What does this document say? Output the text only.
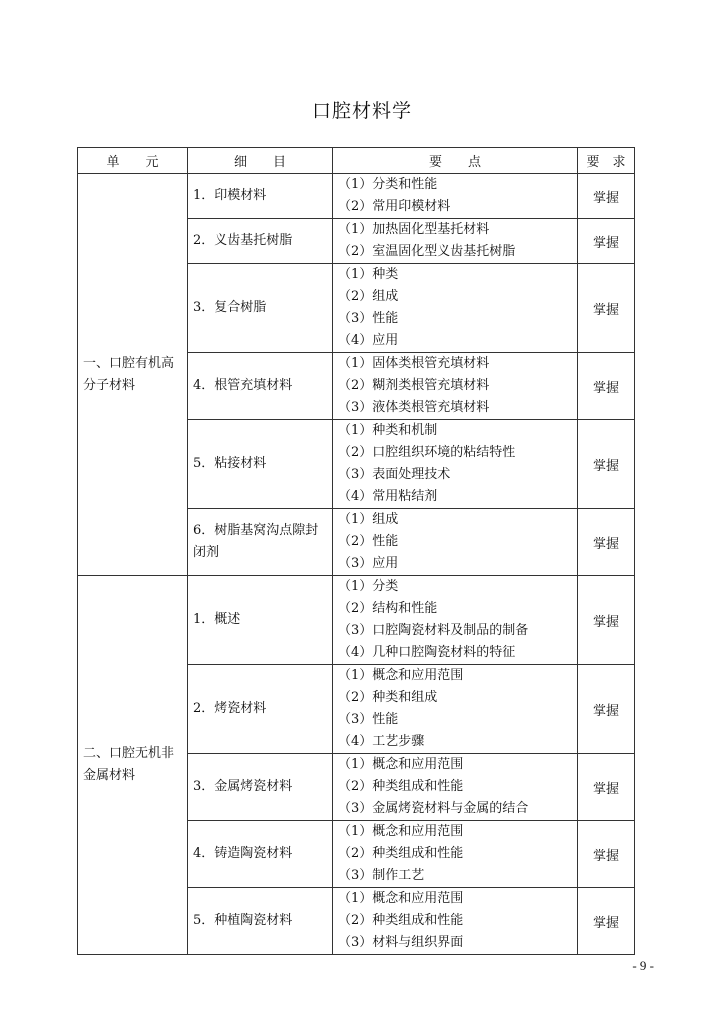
口腔材料学
单　　元	细　　目	要　　点	要　求

一、口腔有机高分子材料	1．印模材料	（1）分类和性能
（2）常用印模材料	掌握
	2．义齿基托树脂	（1）加热固化型基托材料
（2）室温固化型义齿基托树脂	掌握
	3．复合树脂	（1）种类
（2）组成
（3）性能
（4）应用	掌握
	4．根管充填材料	（1）固体类根管充填材料
（2）糊剂类根管充填材料
（3）液体类根管充填材料	掌握
	5．粘接材料	（1）种类和机制
（2）口腔组织环境的粘结特性
（3）表面处理技术
（4）常用粘结剂	掌握
	6．树脂基窝沟点隙封闭剂	（1）组成
（2）性能
（3）应用	掌握

二、口腔无机非金属材料	1．概述	（1）分类
（2）结构和性能
（3）口腔陶瓷材料及制品的制备
（4）几种口腔陶瓷材料的特征	掌握
	2．烤瓷材料	（1）概念和应用范围
（2）种类和组成
（3）性能
（4）工艺步骤	掌握
	3．金属烤瓷材料	（1）概念和应用范围
（2）种类组成和性能
（3）金属烤瓷材料与金属的结合	掌握
	4．铸造陶瓷材料	（1）概念和应用范围
（2）种类组成和性能
（3）制作工艺	掌握
	5．种植陶瓷材料	（1）概念和应用范围
（2）种类组成和性能
（3）材料与组织界面	掌握
- 9 -
